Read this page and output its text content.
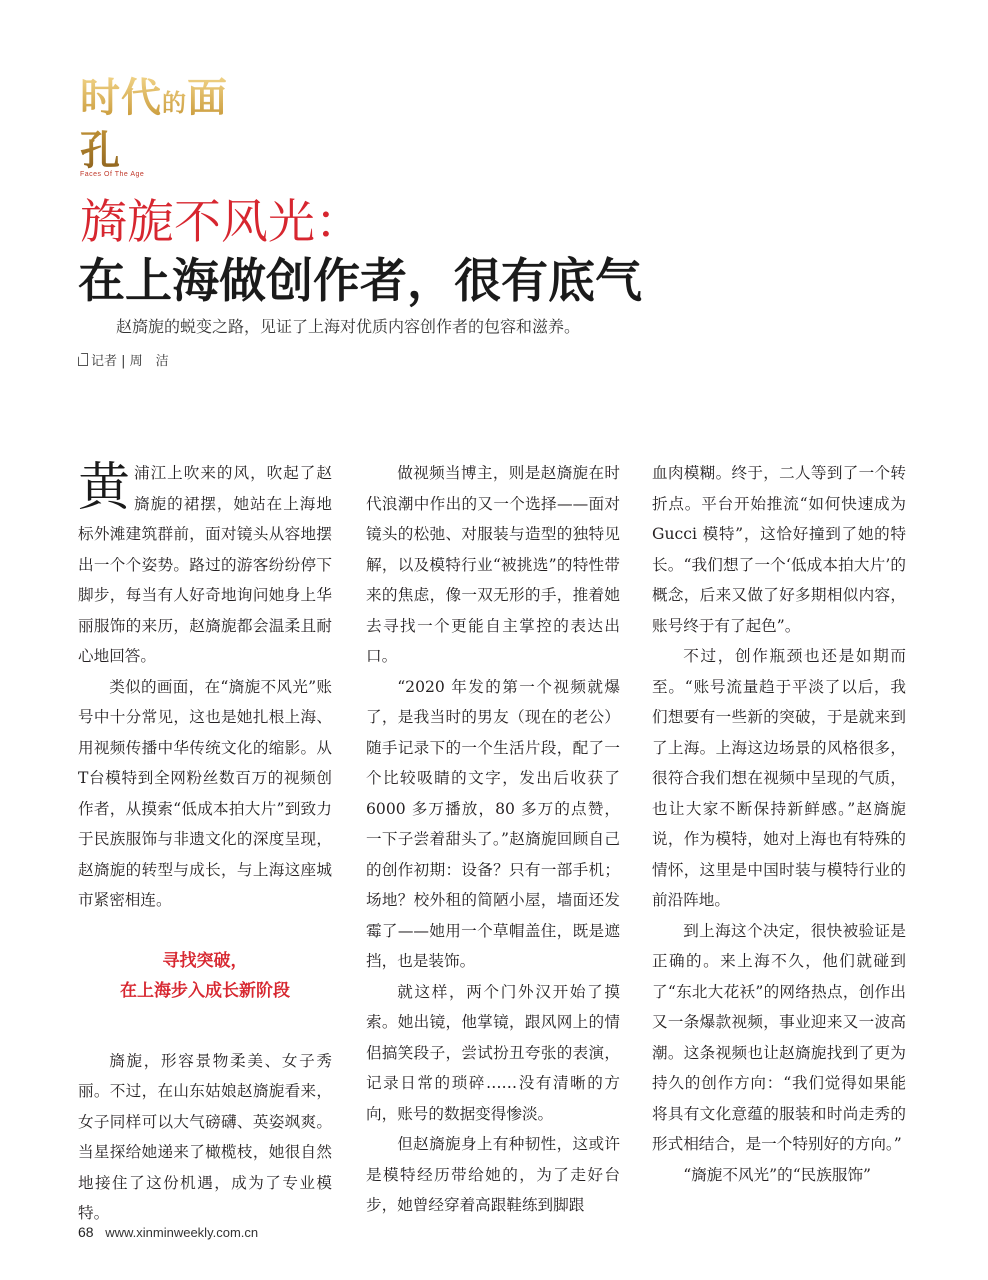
时代的面孔
Faces Of The Age
旖旎不风光：
在上海做创作者，很有底气
赵旖旎的蜕变之路，见证了上海对优质内容创作者的包容和滋养。
记者 | 周　洁

黄浦江上吹来的风，吹起了赵旖旎的裙摆，她站在上海地标外滩建筑群前，面对镜头从容地摆出一个个姿势。路过的游客纷纷停下脚步，每当有人好奇地询问她身上华丽服饰的来历，赵旖旎都会温柔且耐心地回答。

类似的画面，在“旖旎不风光”账号中十分常见，这也是她扎根上海、用视频传播中华传统文化的缩影。从T台模特到全网粉丝数百万的视频创作者，从摸索“低成本拍大片”到致力于民族服饰与非遗文化的深度呈现，赵旖旎的转型与成长，与上海这座城市紧密相连。

寻找突破，
在上海步入成长新阶段

旖旎，形容景物柔美、女子秀丽。不过，在山东姑娘赵旖旎看来，女子同样可以大气磅礴、英姿飒爽。当星探给她递来了橄榄枝，她很自然地接住了这份机遇，成为了专业模特。

做视频当博主，则是赵旖旎在时代浪潮中作出的又一个选择——面对镜头的松弛、对服装与造型的独特见解，以及模特行业“被挑选”的特性带来的焦虑，像一双无形的手，推着她去寻找一个更能自主掌控的表达出口。

“2020 年发的第一个视频就爆了，是我当时的男友（现在的老公）随手记录下的一个生活片段，配了一个比较吸睛的文字，发出后收获了 6000 多万播放，80 多万的点赞，一下子尝着甜头了。”赵旖旎回顾自己的创作初期：设备？只有一部手机；场地？校外租的简陋小屋，墙面还发霉了——她用一个草帽盖住，既是遮挡，也是装饰。

就这样，两个门外汉开始了摸索。她出镜，他掌镜，跟风网上的情侣搞笑段子，尝试扮丑夸张的表演，记录日常的琐碎……没有清晰的方向，账号的数据变得惨淡。

但赵旖旎身上有种韧性，这或许是模特经历带给她的，为了走好台步，她曾经穿着高跟鞋练到脚跟

血肉模糊。终于，二人等到了一个转折点。平台开始推流“如何快速成为 Gucci 模特”，这恰好撞到了她的特长。“我们想了一个‘低成本拍大片’的概念，后来又做了好多期相似内容，账号终于有了起色”。

不过，创作瓶颈也还是如期而至。“账号流量趋于平淡了以后，我们想要有一些新的突破，于是就来到了上海。上海这边场景的风格很多，很符合我们想在视频中呈现的气质，也让大家不断保持新鲜感。”赵旖旎说，作为模特，她对上海也有特殊的情怀，这里是中国时装与模特行业的前沿阵地。

到上海这个决定，很快被验证是正确的。来上海不久，他们就碰到了“东北大花袄”的网络热点，创作出又一条爆款视频，事业迎来又一波高潮。这条视频也让赵旖旎找到了更为持久的创作方向：“我们觉得如果能将具有文化意蕴的服装和时尚走秀的形式相结合，是一个特别好的方向。”

“旖旎不风光”的“民族服饰”

68 www.xinminweekly.com.cn
